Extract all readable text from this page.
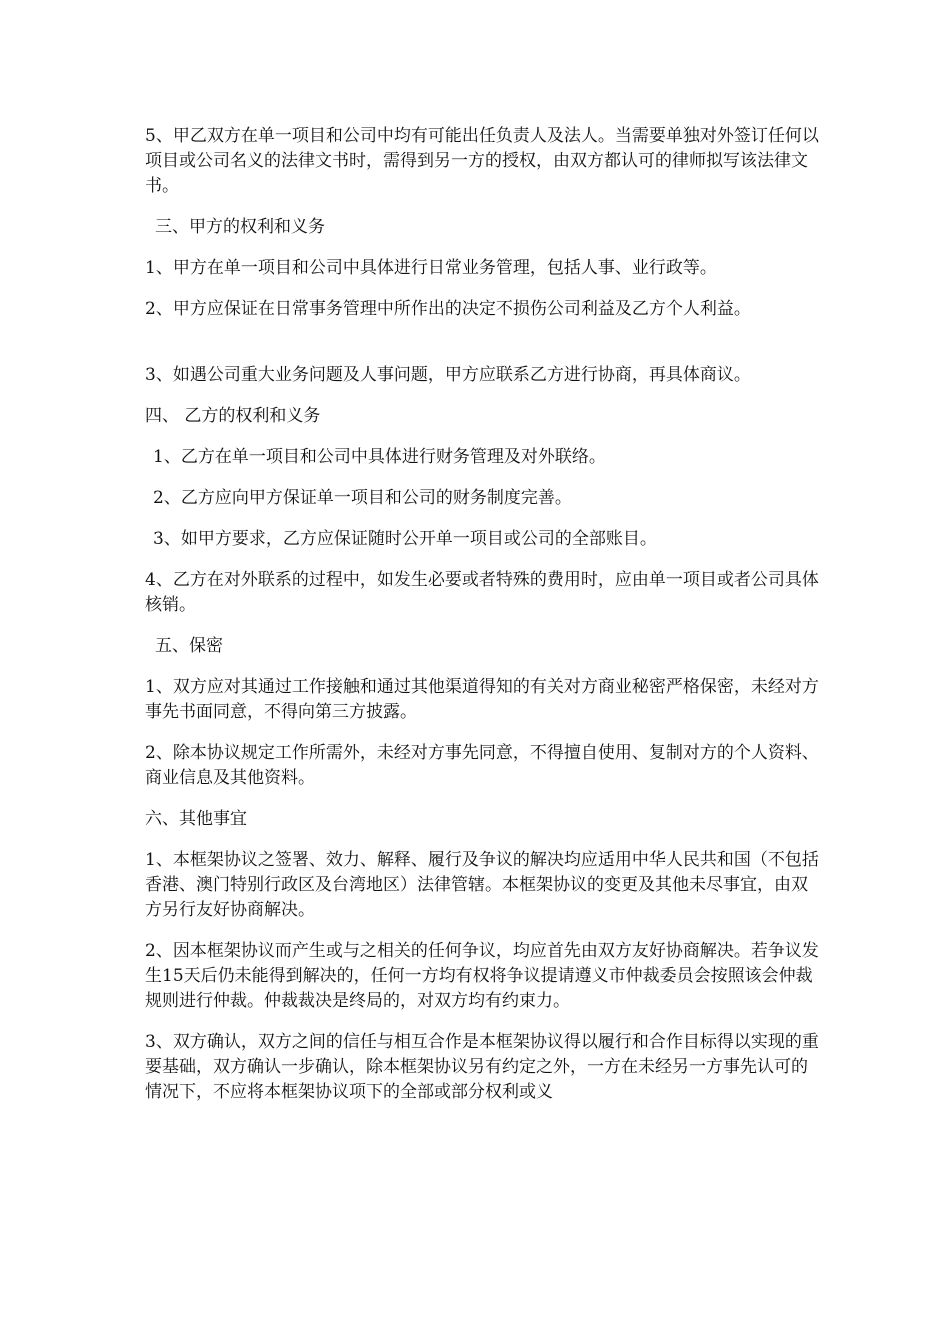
5、甲乙双方在单一项目和公司中均有可能出任负责人及法人。当需要单独对外签订任何以项目或公司名义的法律文书时，需得到另一方的授权，由双方都认可的律师拟写该法律文书。

三、甲方的权利和义务

1、甲方在单一项目和公司中具体进行日常业务管理，包括人事、业行政等。

2、甲方应保证在日常事务管理中所作出的决定不损伤公司利益及乙方个人利益。

3、如遇公司重大业务问题及人事问题，甲方应联系乙方进行协商，再具体商议。

四、 乙方的权利和义务

1、乙方在单一项目和公司中具体进行财务管理及对外联络。

2、乙方应向甲方保证单一项目和公司的财务制度完善。

3、如甲方要求，乙方应保证随时公开单一项目或公司的全部账目。

4、乙方在对外联系的过程中，如发生必要或者特殊的费用时，应由单一项目或者公司具体核销。

五、保密

1、双方应对其通过工作接触和通过其他渠道得知的有关对方商业秘密严格保密，未经对方事先书面同意，不得向第三方披露。

2、除本协议规定工作所需外，未经对方事先同意，不得擅自使用、复制对方的个人资料、商业信息及其他资料。

六、其他事宜

1、本框架协议之签署、效力、解释、履行及争议的解决均应适用中华人民共和国（不包括香港、澳门特别行政区及台湾地区）法律管辖。本框架协议的变更及其他未尽事宜，由双方另行友好协商解决。

2、因本框架协议而产生或与之相关的任何争议，均应首先由双方友好协商解决。若争议发生15天后仍未能得到解决的，任何一方均有权将争议提请遵义市仲裁委员会按照该会仲裁规则进行仲裁。仲裁裁决是终局的，对双方均有约束力。

3、双方确认，双方之间的信任与相互合作是本框架协议得以履行和合作目标得以实现的重要基础，双方确认一步确认，除本框架协议另有约定之外，一方在未经另一方事先认可的情况下，不应将本框架协议项下的全部或部分权利或义
